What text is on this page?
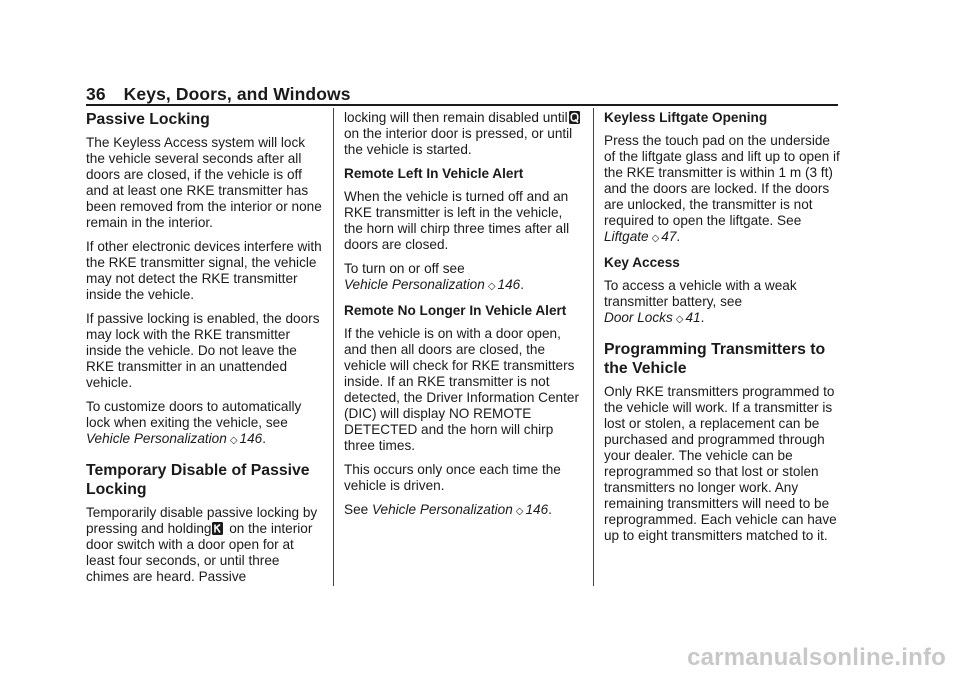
36 Keys, Doors, and Windows
Passive Locking

The Keyless Access system will lock the vehicle several seconds after all doors are closed, if the vehicle is off and at least one RKE transmitter has been removed from the interior or none remain in the interior.

If other electronic devices interfere with the RKE transmitter signal, the vehicle may not detect the RKE transmitter inside the vehicle.

If passive locking is enabled, the doors may lock with the RKE transmitter inside the vehicle. Do not leave the RKE transmitter in an unattended vehicle.

To customize doors to automatically lock when exiting the vehicle, see Vehicle Personalization ◇ 146.

Temporary Disable of Passive Locking

Temporarily disable passive locking by pressing and holding on the interior door switch with a door open for at least four seconds, or until three chimes are heard. Passive

locking will then remain disabled until
on the interior door is pressed, or until the vehicle is started.

Remote Left In Vehicle Alert

When the vehicle is turned off and an RKE transmitter is left in the vehicle, the horn will chirp three times after all doors are closed.

To turn on or off see Vehicle Personalization ◇ 146.

Remote No Longer In Vehicle Alert

If the vehicle is on with a door open, and then all doors are closed, the vehicle will check for RKE transmitters inside. If an RKE transmitter is not detected, the Driver Information Center (DIC) will display NO REMOTE DETECTED and the horn will chirp three times.

This occurs only once each time the vehicle is driven.

See Vehicle Personalization ◇ 146.

Keyless Liftgate Opening

Press the touch pad on the underside of the liftgate glass and lift up to open if the RKE transmitter is within 1 m (3 ft) and the doors are locked. If the doors are unlocked, the transmitter is not required to open the liftgate. See Liftgate ◇ 47.

Key Access

To access a vehicle with a weak transmitter battery, see Door Locks ◇ 41.

Programming Transmitters to the Vehicle

Only RKE transmitters programmed to the vehicle will work. If a transmitter is lost or stolen, a replacement can be purchased and programmed through your dealer. The vehicle can be reprogrammed so that lost or stolen transmitters no longer work. Any remaining transmitters will need to be reprogrammed. Each vehicle can have up to eight transmitters matched to it.

carmanualsonline.info
